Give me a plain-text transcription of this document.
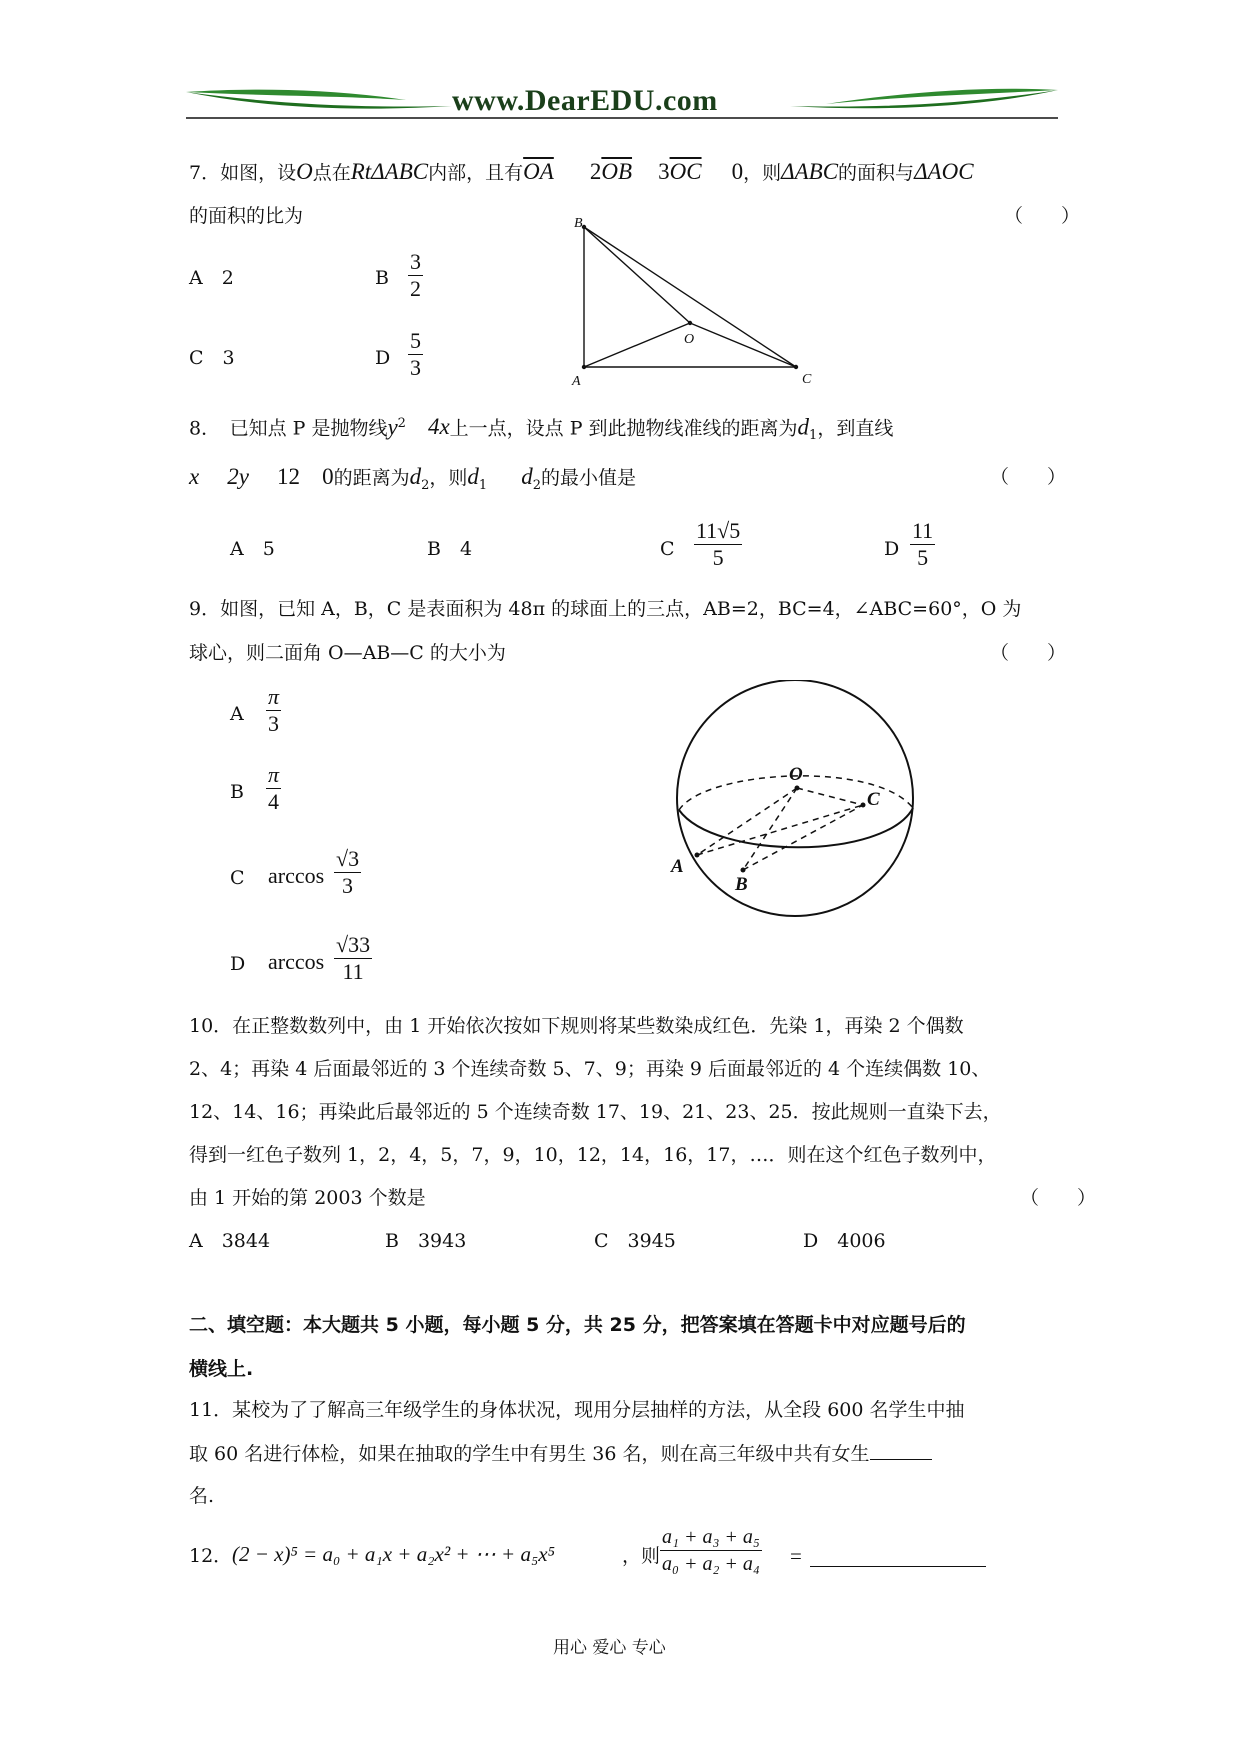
www.DearEDU.com
7．如图，设O点在RtΔABC内部，且有$\overline{OA}$ $2\overline{OB}$ $3\overline{OC}$ 0，则ΔABC的面积与ΔAOC
的面积的比为	（　　）
A　2	B $\frac{3}{2}$
C　3	D $\frac{5}{3}$
B
A	C
O
8．　已知点 P 是抛物线$y^2$ 4x上一点，设点 P 到此抛物线准线的距离为$d_1$，到直线
x 2y 12 0的距离为$d_2$，则$d_1$ $d_2$的最小值是	（　　）
A　5	B　4	C $\frac{11√5}{5}$	D $\frac{11}{5}$
9．如图，已知 A，B，C 是表面积为 48π 的球面上的三点，AB=2，BC=4，∠ABC=60°，O 为
球心，则二面角 O—AB—C 的大小为	（　　）
A $\frac{\pi}{3}$
B $\frac{\pi}{4}$
C $\arccos \frac{√3}{3}$
D $\arccos \frac{√33}{11}$
O
C
A
B
10．在正整数数列中，由 1 开始依次按如下规则将某些数染成红色．先染 1，再染 2 个偶数
2、4；再染 4 后面最邻近的 3 个连续奇数 5、7、9；再染 9 后面最邻近的 4 个连续偶数 10、
12、14、16；再染此后最邻近的 5 个连续奇数 17、19、21、23、25．按此规则一直染下去，
得到一红色子数列 1，2，4，5，7，9，10，12，14，16，17，…．则在这个红色子数列中，
由 1 开始的第 2003 个数是	（　　）
A　3844	B　3943	C　3945	D　4006
二、填空题：本大题共 5 小题，每小题 5 分，共 25 分，把答案填在答题卡中对应题号后的
横线上.
11．某校为了了解高三年级学生的身体状况，现用分层抽样的方法，从全段 600 名学生中抽
取 60 名进行体检，如果在抽取的学生中有男生 36 名，则在高三年级中共有女生
名.
12． (2 − x)⁵ = a₀ + a₁x + a₂x² + ⋯ + a₅x⁵	，则 $\frac{\text{a₁ + a₃ + a₅}}{\text{a₀ + a₂ + a₄}}$ =
用心 爱心 专心
